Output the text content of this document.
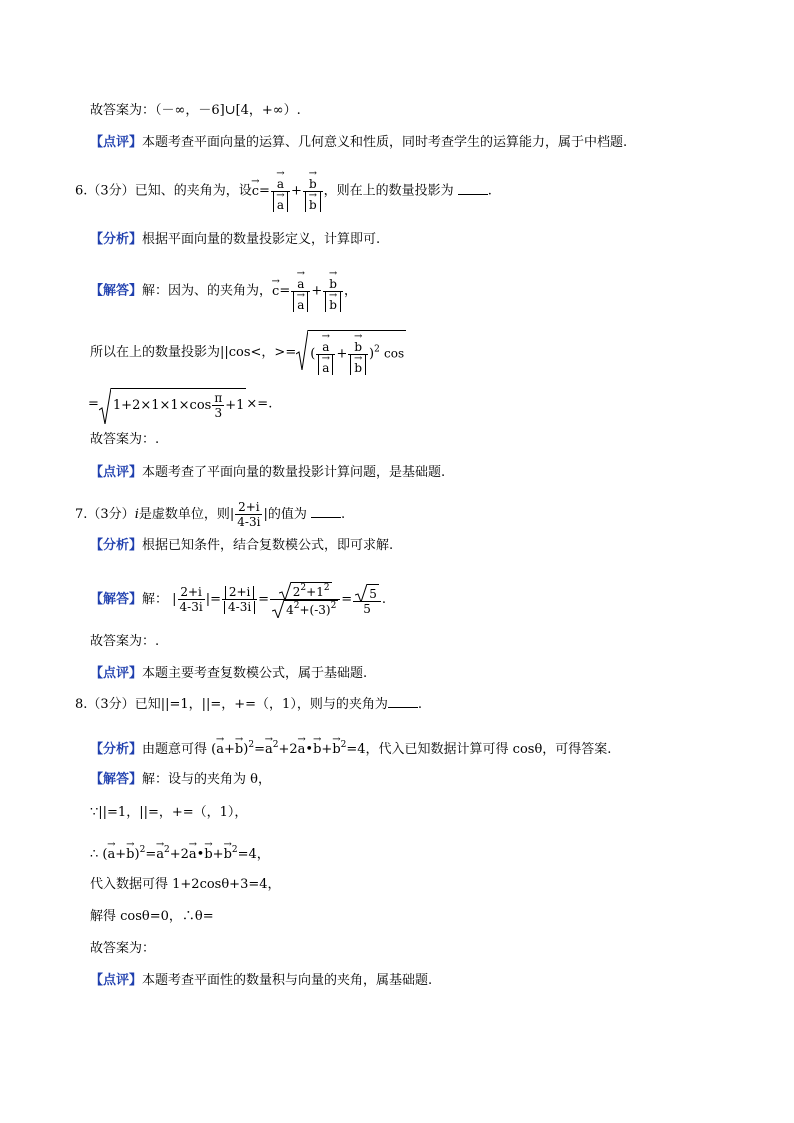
故答案为：（－∞，－6]∪[4，+∞）.
【点评】本题考查平面向量的运算、几何意义和性质，同时考查学生的运算能力，属于中档题.
6.（3分）已知、的夹角为，设→ c= → a
→ a + → b
→ b ，则在上的数量投影为	.
【分析】根据平面向量的数量投影定义，计算即可.
【解答】解：因为、的夹角为，→ c= → a
→ a + → b
→ b ，
所以在上的数量投影为||cos<，>= ( → a
→ a + → b
→ b )$^2$ cos
= $1+2\times 1\times 1\times\cos \frac{\pi}{3} +1$ ×=.
故答案为：.
【点评】本题考查了平面向量的数量投影计算问题，是基础题.
7.（3分）i是虚数单位，则| $\frac{2+i}{4-3i}$ |的值为	.
【分析】根据已知条件，结合复数模公式，即可求解.
【解答】解： | $\frac{2+i}{4-3i}$ |= $\frac{2+i}{4-3i} = \frac{2^2+1^2}{4^2+(-3)^2} = \frac{5}{5}$ .
故答案为：.
【点评】本题主要考查复数模公式，属于基础题.
8.（3分）已知||=1，||=，+=（，1），则与的夹角为 .
【分析】由题意可得 (→ $a+\to b)^2=\to a^2+2\to$ a•→ $b+\to b^2=4$，代入已知数据计算可得 cosθ，可得答案.
【解答】解：设与的夹角为 θ，
∵||=1，||=，+=（，1），
∴ (→ $a+\to b)^2=\to a^2+2\to$ a•→ $b+\to b^2=4$，
代入数据可得 1+2cosθ+3=4，
解得 cosθ=0，∴θ=
故答案为：
【点评】本题考查平面性的数量积与向量的夹角，属基础题.
